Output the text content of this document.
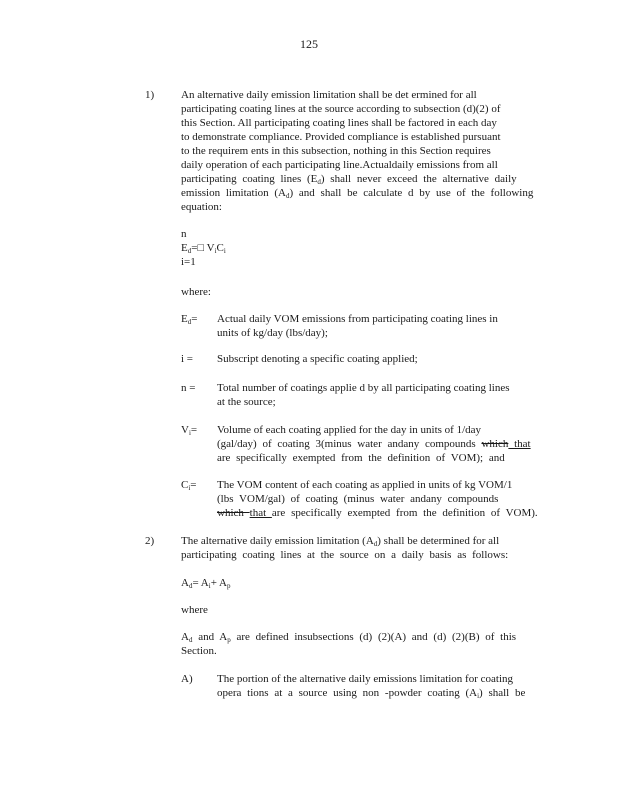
125
1) An alternative daily emission limitation shall be det ermined for all
participating coating lines at the source according to subsection (d)(2) of
this Section. All participating coating lines shall be factored in each day
to demonstrate compliance. Provided compliance is established pursuant
to the requirem ents in this subsection, nothing in this Section requires
daily operation of each participating line.Actualdaily emissions from all
participating coating lines $(E_d)$ shall never exceed the alternative daily
emission limitation $(A_d)$ and shall be calculate d by use of the following
equation:
n
$E_d=□$ $V_iC_i$
i=1
where:
$E_d=$	Actual daily VOM emissions from participating coating lines in
units of kg/day (lbs/day);
i =	Subscript denoting a specific coating applied;
n =	Total number of coatings applie d by all participating coating lines
at the source;
$V_i=$	Volume of each coating applied for the day in units of 1/day
(gal/day) of coating 3(minus water andany compounds which that
are specifically exempted from the definition of VOM); and
$C_i=$	The VOM content of each coating as applied in units of kg VOM/1
(lbs VOM/gal) of coating (minus water andany compounds
which that are specifically exempted from the definition of VOM).
2) The alternative daily emission limitation $(A_d)$ shall be determined for all
participating coating lines at the source on a daily basis as follows:
$A_d= A_i+ A_p$
where
$A_d$ and $A_p$ are defined insubsections (d) (2)(A) and (d) (2)(B) of this
Section.
A) The portion of the alternative daily emissions limitation for coating
opera tions at a source using non -powder coating $(A_i)$ shall be
